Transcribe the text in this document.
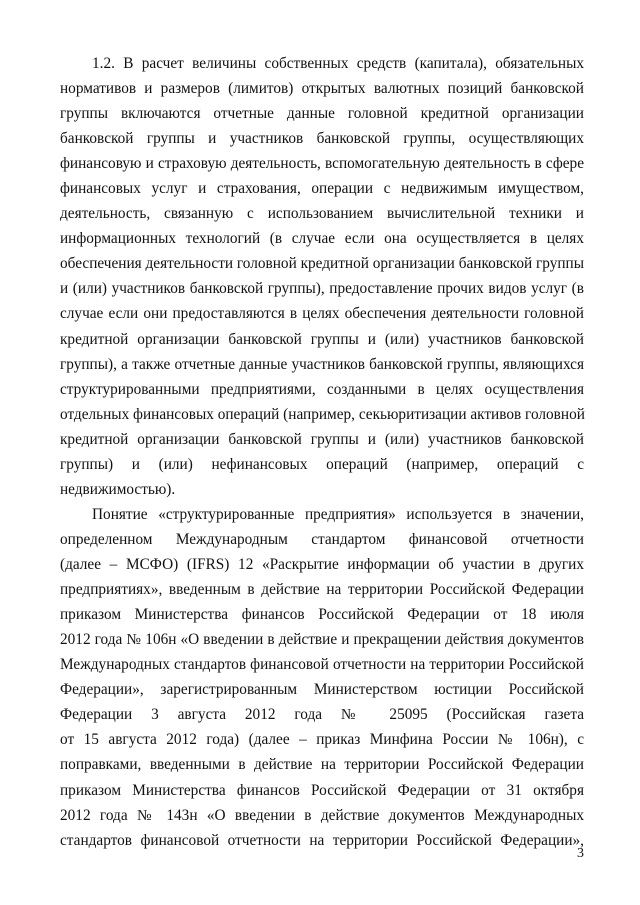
1.2. В расчет величины собственных средств (капитала), обязательных
нормативов и размеров (лимитов) открытых валютных позиций банковской
группы включаются отчетные данные головной кредитной организации
банковской группы и участников банковской группы, осуществляющих
финансовую и страховую деятельность, вспомогательную деятельность в сфере
финансовых услуг и страхования, операции с недвижимым имуществом,
деятельность, связанную с использованием вычислительной техники и
информационных технологий (в случае если она осуществляется в целях
обеспечения деятельности головной кредитной организации банковской группы
и (или) участников банковской группы), предоставление прочих видов услуг (в
случае если они предоставляются в целях обеспечения деятельности головной
кредитной организации банковской группы и (или) участников банковской
группы), а также отчетные данные участников банковской группы, являющихся
структурированными предприятиями, созданными в целях осуществления
отдельных финансовых операций (например, секьюритизации активов головной
кредитной организации банковской группы и (или) участников банковской
группы) и (или) нефинансовых операций (например, операций с
недвижимостью).
Понятие «структурированные предприятия» используется в значении,
определенном Международным стандартом финансовой отчетности
(далее – МСФО) (IFRS) 12 «Раскрытие информации об участии в других
предприятиях», введенным в действие на территории Российской Федерации
приказом Министерства финансов Российской Федерации от 18 июля
2012 года № 106н «О введении в действие и прекращении действия документов
Международных стандартов финансовой отчетности на территории Российской
Федерации», зарегистрированным Министерством юстиции Российской
Федерации 3 августа 2012 года № 25095 (Российская газета
от 15 августа 2012 года) (далее – приказ Минфина России № 106н), с
поправками, введенными в действие на территории Российской Федерации
приказом Министерства финансов Российской Федерации от 31 октября
2012 года № 143н «О введении в действие документов Международных
стандартов финансовой отчетности на территории Российской Федерации»,
3
